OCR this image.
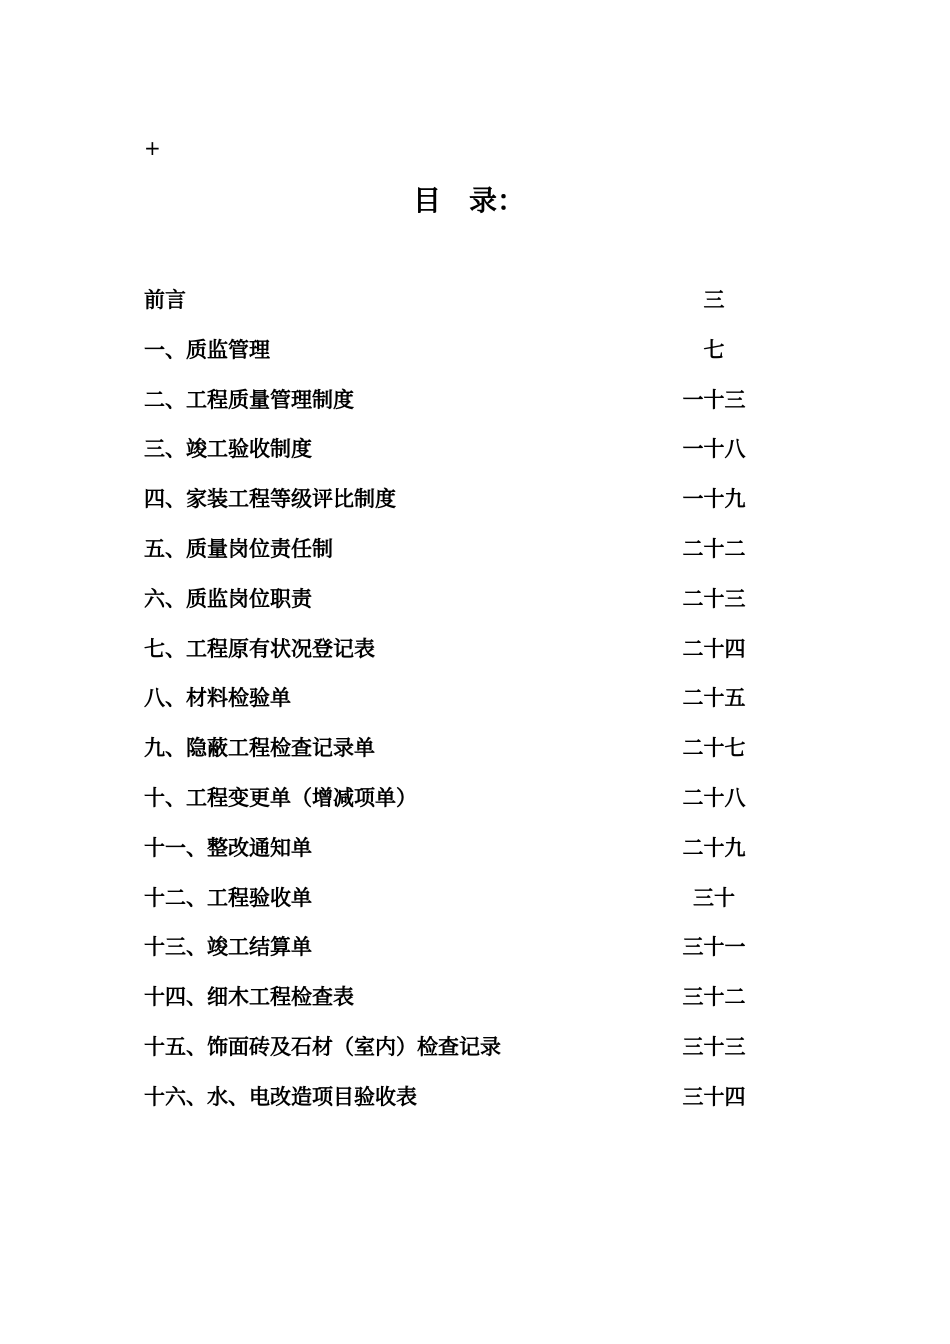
+
目　录：
前言	三
一、质监管理	七
二、工程质量管理制度	一十三
三、竣工验收制度	一十八
四、家装工程等级评比制度	一十九
五、质量岗位责任制	二十二
六、质监岗位职责	二十三
七、工程原有状况登记表	二十四
八、材料检验单	二十五
九、隐蔽工程检查记录单	二十七
十、工程变更单（增减项单）	二十八
十一、整改通知单	二十九
十二、工程验收单	三十
十三、竣工结算单	三十一
十四、细木工程检查表	三十二
十五、饰面砖及石材（室内）检查记录	三十三
十六、水、电改造项目验收表	三十四
